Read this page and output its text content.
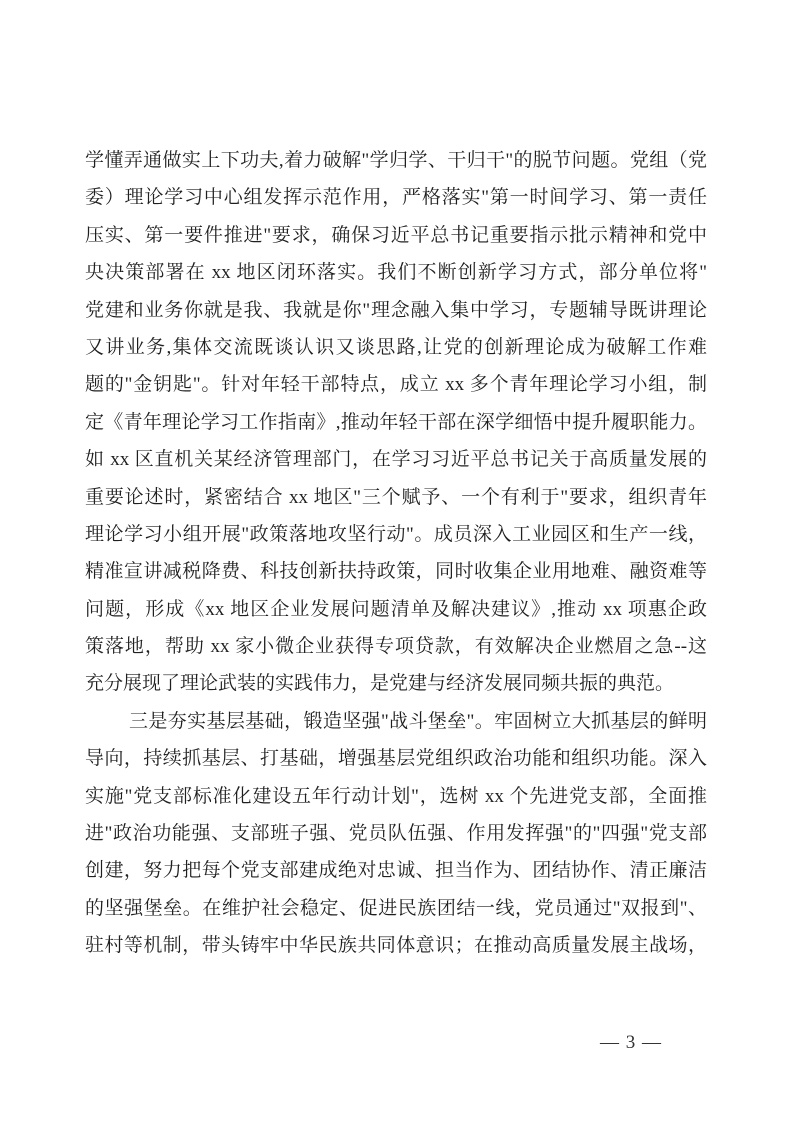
学懂弄通做实上下功夫,着力破解"学归学、干归干"的脱节问题。党组（党
委）理论学习中心组发挥示范作用，严格落实"第一时间学习、第一责任
压实、第一要件推进"要求，确保习近平总书记重要指示批示精神和党中
央决策部署在 xx 地区闭环落实。我们不断创新学习方式，部分单位将"
党建和业务你就是我、我就是你"理念融入集中学习，专题辅导既讲理论
又讲业务,集体交流既谈认识又谈思路,让党的创新理论成为破解工作难
题的"金钥匙"。针对年轻干部特点，成立 xx 多个青年理论学习小组，制
定《青年理论学习工作指南》,推动年轻干部在深学细悟中提升履职能力。
如 xx 区直机关某经济管理部门，在学习习近平总书记关于高质量发展的
重要论述时，紧密结合 xx 地区"三个赋予、一个有利于"要求，组织青年
理论学习小组开展"政策落地攻坚行动"。成员深入工业园区和生产一线，
精准宣讲减税降费、科技创新扶持政策，同时收集企业用地难、融资难等
问题，形成《xx 地区企业发展问题清单及解决建议》,推动 xx 项惠企政
策落地，帮助 xx 家小微企业获得专项贷款，有效解决企业燃眉之急--这
充分展现了理论武装的实践伟力，是党建与经济发展同频共振的典范。
三是夯实基层基础，锻造坚强"战斗堡垒"。牢固树立大抓基层的鲜明
导向，持续抓基层、打基础，增强基层党组织政治功能和组织功能。深入
实施"党支部标准化建设五年行动计划"，选树 xx 个先进党支部，全面推
进"政治功能强、支部班子强、党员队伍强、作用发挥强"的"四强"党支部
创建，努力把每个党支部建成绝对忠诚、担当作为、团结协作、清正廉洁
的坚强堡垒。在维护社会稳定、促进民族团结一线，党员通过"双报到"、
驻村等机制，带头铸牢中华民族共同体意识；在推动高质量发展主战场，
— 3 —
